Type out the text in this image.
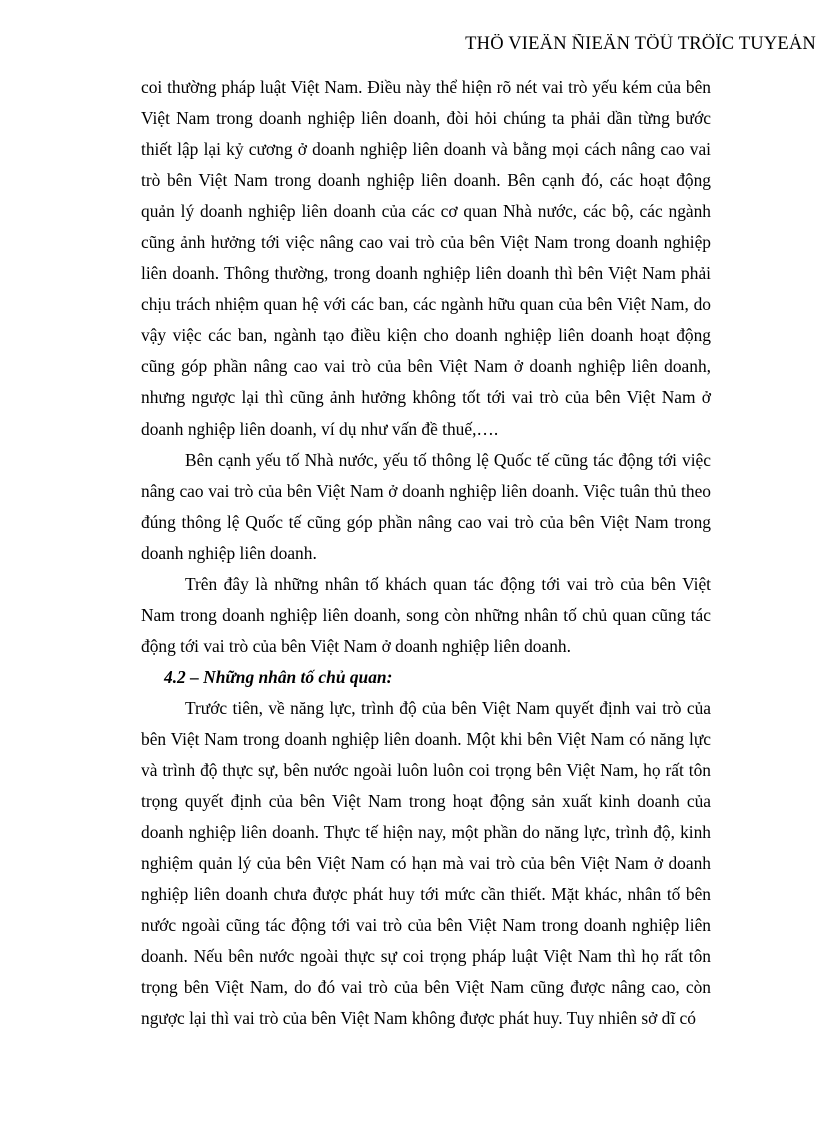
THÖ VIEÄN ÑIEÄN TÖÛ TRÖÏC TUYEÁN

coi thường pháp luật Việt Nam. Điều này thể hiện rõ nét vai trò yếu kém của bên Việt Nam trong doanh nghiệp liên doanh, đòi hỏi chúng ta phải dần từng bước thiết lập lại kỷ cương ở doanh nghiệp liên doanh và bằng mọi cách nâng cao vai trò bên Việt Nam trong doanh nghiệp liên doanh. Bên cạnh đó, các hoạt động quản lý doanh nghiệp liên doanh của các cơ quan Nhà nước, các bộ, các ngành cũng ảnh hưởng tới việc nâng cao vai trò của bên Việt Nam trong doanh nghiệp liên doanh. Thông thường, trong doanh nghiệp liên doanh thì bên Việt Nam phải chịu trách nhiệm quan hệ với các ban, các ngành hữu quan của bên Việt Nam, do vậy việc các ban, ngành tạo điều kiện cho doanh nghiệp liên doanh hoạt động cũng góp phần nâng cao vai trò của bên Việt Nam ở doanh nghiệp liên doanh, nhưng ngược lại thì cũng ảnh hưởng không tốt tới vai trò của bên Việt Nam ở doanh nghiệp liên doanh, ví dụ như vấn đề thuế,….

Bên cạnh yếu tố Nhà nước, yếu tố thông lệ Quốc tế cũng tác động tới việc nâng cao vai trò của bên Việt Nam ở doanh nghiệp liên doanh. Việc tuân thủ theo đúng thông lệ Quốc tế cũng góp phần nâng cao vai trò của bên Việt Nam trong doanh nghiệp liên doanh.

Trên đây là những nhân tố khách quan tác động tới vai trò của bên Việt Nam trong doanh nghiệp liên doanh, song còn những nhân tố chủ quan cũng tác động tới vai trò của bên Việt Nam ở doanh nghiệp liên doanh.

4.2 – Những nhân tố chủ quan:

Trước tiên, về năng lực, trình độ của bên Việt Nam quyết định vai trò của bên Việt Nam trong doanh nghiệp liên doanh. Một khi bên Việt Nam có năng lực và trình độ thực sự, bên nước ngoài luôn luôn coi trọng bên Việt Nam, họ rất tôn trọng quyết định của bên Việt Nam trong hoạt động sản xuất kinh doanh của doanh nghiệp liên doanh. Thực tế hiện nay, một phần do năng lực, trình độ, kinh nghiệm quản lý của bên Việt Nam có hạn mà vai trò của bên Việt Nam ở doanh nghiệp liên doanh chưa được phát huy tới mức cần thiết. Mặt khác, nhân tố bên nước ngoài cũng tác động tới vai trò của bên Việt Nam trong doanh nghiệp liên doanh. Nếu bên nước ngoài thực sự coi trọng pháp luật Việt Nam thì họ rất tôn trọng bên Việt Nam, do đó vai trò của bên Việt Nam cũng được nâng cao, còn ngược lại thì vai trò của bên Việt Nam không được phát huy. Tuy nhiên sở dĩ có
